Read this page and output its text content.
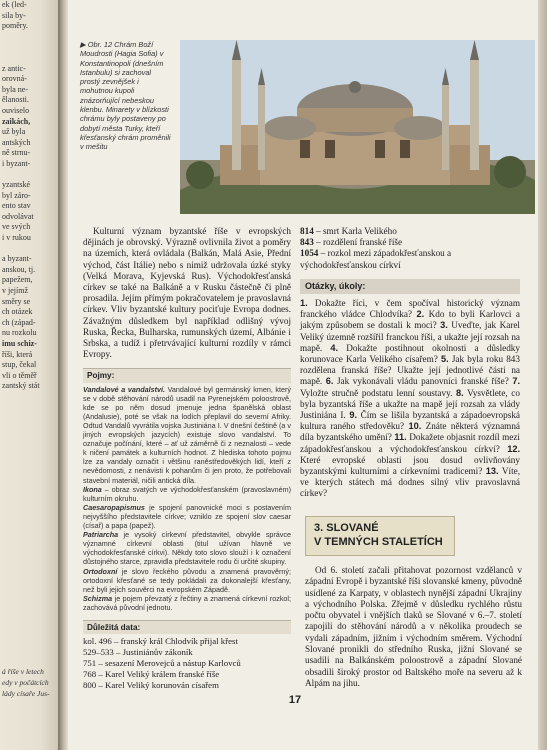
ek (led-
sila by-
poměry.

z antic-
orovná-
byla ne-
ělanosti.
ouviselo
zaikách,
už byla
antských
ně strnu-
i byzant-

yzantské
byl záro-
ento stav
odvolávat
ve svých
i v rukou

a byzant-
anskou, tj.
papežem,
v jejímž
směry se
ch otázek
ch (západ-
nu rozkolu
imu schiz-
říši, která
stup, čekal
vli o těměř
zantský stát

á říše v letech
edy v počátcích
lády císaře Jus-
▶ Obr. 12 Chrám Boží Moudrosti (Hagia Sofia) v Konstantinopoli (dnešním Istanbulu) si zachoval prostý zevnějšek i mohutnou kupoli znázorňující nebeskou klenbu. Minarety v blízkosti chrámu byly postaveny po dobytí města Turky, kteří křesťanský chrám proměnili v mešitu

Kulturní význam byzantské říše v evropských dějinách je obrovský. Výrazně ovlivnila život a poměry na územích, která ovládala (Balkán, Malá Asie, Přední východ, část Itálie) nebo s nimiž udržovala úzké styky (Velká Morava, Kyjevská Rus). Východokřesťanská církev se také na Balkáně a v Rusku částečně či plně prosadila. Jejím přímým pokračovatelem je pravoslavná církev. Vliv byzantské kultury pociťuje Evropa dodnes. Závažným důsledkem byl například odlišný vývoj Ruska, Řecka, Bulharska, rumunských území, Albánie i Srbska, a tudíž i přetrvávající kulturní rozdíly v rámci Evropy.

Pojmy:

Vandalové a vandalství. Vandalové byl germánský kmen, který se v době stěhování národů usadil na Pyrenejském poloostrově, kde se po něm dosud jmenuje jedna španělská oblast (Andalusie), poté se však na lodích přeplavil do severní Afriky. Odtud Vandalů vyvrátila vojska Justiniána I. V dnešní češtině (a v jiných evropských jazycích) existuje slovo vandalství. To označuje počínání, které – ať už záměrně či z neznalosti – vede k ničení památek a kulturních hodnot. Z hlediska tohoto pojmu lze za vandaly označit i většinu raněstředověkých lidí, kteří z nevědomosti, z nenávisti k pohanům či jen proto, že potřebovali stavební materiál, ničili antická díla.

Ikona – obraz svatých ve východokřesťanském (pravoslavném) kulturním okruhu.

Caesaropapismus je spojení panovnické moci s postavením nejvyššího představitele církve; vzniklo ze spojení slov caesar (císař) a papa (papež).

Patriarcha je vysoký církevní představitel, obvykle správce významné církevní oblasti (titul užívan hlavně ve východokřesťanské církvi). Někdy toto slovo slouží i k označení důstojného starce, zpravidla představitele rodu či určité skupiny.

Ortodoxní je slovo řeckého původu a znamená pravověrný; ortodoxní křesťané se tedy pokládali za dokonalejší křesťany, než byli jejich souvěrci na evropském Západě.

Schizma je pojem převzatý z řečtiny a znamená církevní rozkol; zachovává původní jednotu.

Důležitá data:
kol. 496 – franský král Chlodvík přijal křest
529–533 – Justiniánův zákoník
751 – sesazení Merovejců a nástup Karlovců
768 – Karel Veliký králem franské říše
800 – Karel Veliký korunován císařem

814 – smrt Karla Velikého

843 – rozdělení franské říše

1054 – rozkol mezi západokřesťanskou a východokřesťanskou církví

Otázky, úkoly:
1. Dokažte říci, v čem spočíval historický význam franckého vládce Chlodvíka? 2. Kdo to byli Karlovci a jakým způsobem se dostali k moci? 3. Uveďte, jak Karel Veliký územně rozšířil franckou říši, a ukažte její rozsah na mapě. 4. Dokažte postihnout okolnosti a důsledky korunovace Karla Velikého císařem? 5. Jak byla roku 843 rozdělena franská říše? Ukažte její jednotlivé části na mapě. 6. Jak vykonávali vládu panovníci franské říše? 7. Vyložte stručně podstatu lenní soustavy. 8. Vysvětlete, co byla byzantská říše a ukažte na mapě její rozsah za vlády Justiniána I. 9. Čím se lišila byzantská a západoevropská kultura raného středověku? 10. Znáte některá významná díla byzantského umění? 11. Dokažete objasnit rozdíl mezi západokřesťanskou a východokřesťanskou církví? 12. Které evropské oblasti jsou dosud ovlivňovány byzantskými kulturními a církevními tradicemi? 13. Víte, ve kterých státech má dodnes silný vliv pravoslavná církev?
3. SLOVANÉ
V TEMNÝCH STALETÍCH
Od 6. století začali přitahovat pozornost vzdělanců v západní Evropě i byzantské říši slovanské kmeny, původně usídlené za Karpaty, v oblastech nynější západní Ukrajiny a východního Polska. Zřejmě v důsledku rychlého růstu počtu obyvatel i vnějších tlaků se Slované v 6.–7. století zapojili do stěhování národů a v několika proudech se vydali západním, jižním i východním směrem. Východní Slované pronikli do středního Ruska, jižní Slované se usadili na Balkánském poloostrově a západní Slované obsadili široký prostor od Baltského moře na severu až k Alpám na jihu.
17
